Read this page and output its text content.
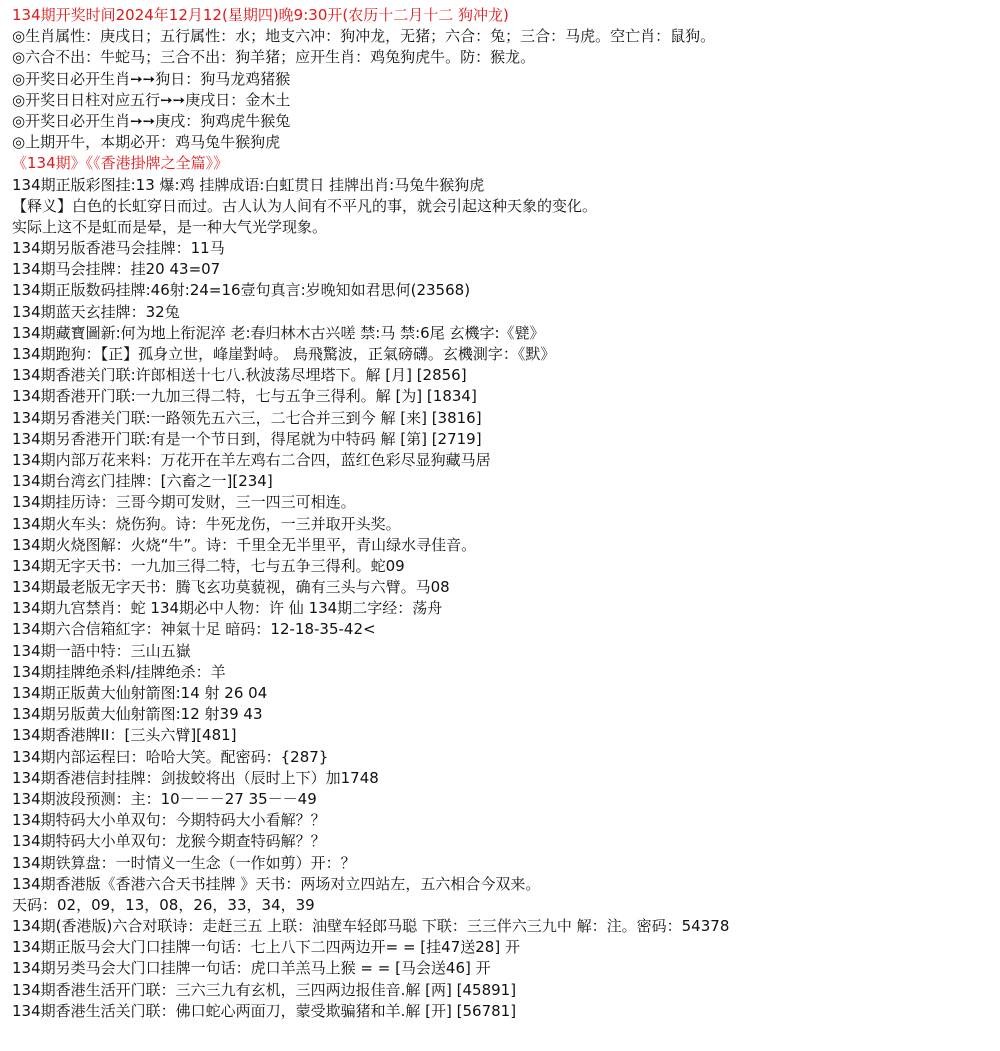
134期开奖时间2024年12月12(星期四)晚9:30开(农历十二月十二 狗冲龙)
◎生肖属性：庚戌日；五行属性：水；地支六冲：狗冲龙，无猪；六合：兔；三合：马虎。空亡肖：鼠狗。
◎六合不出：牛蛇马；三合不出：狗羊猪；应开生肖：鸡兔狗虎牛。防：猴龙。
◎开奖日必开生肖➙➙狗日：狗马龙鸡猪猴
◎开奖日日柱对应五行➙➙庚戌日：金木土
◎开奖日必开生肖➙➙庚戌：狗鸡虎牛猴兔
◎上期开牛，本期必开：鸡马兔牛猴狗虎
《134期》《《香港掛牌之全篇》》
134期正版彩图挂:13 爆:鸡 挂牌成语:白虹贯日 挂牌出肖:马兔牛猴狗虎
【释义】白色的长虹穿日而过。古人认为人间有不平凡的事，就会引起这种天象的变化。
实际上这不是虹而是晕，是一种大气光学现象。
134期另版香港马会挂牌：11马
134期马会挂牌：挂20 43=07
134期正版数码挂牌:46射:24=16壹句真言:岁晚知如君思何(23568)
134期蓝天玄挂牌：32兔
134期藏寶圖新:何为地上衔泥淬 老:春归林木古兴嗟 禁:马 禁:6尾 玄機字:《甓》
134期跑狗：【正】孤身立世，峰崖對峙。 鳥飛驚波，正氣磅礴。玄機測字：《默》
134期香港关门联:许郎相送十七八.秋波荡尽埋塔下。解 [月] [2856]
134期香港开门联:一九加三得二特，七与五争三得利。解 [为] [1834]
134期另香港关门联:一路领先五六三，二七合并三到今 解 [来] [3816]
134期另香港开门联:有是一个节日到，得尾就为中特码 解 [第] [2719]
134期内部万花来料：万花开在羊左鸡右二合四，蓝红色彩尽显狗藏马居
134期台湾玄门挂牌：[六畜之一][234]
134期挂历诗：三哥今期可发财，三一四三可相连。
134期火车头：烧伤狗。诗：牛死龙伤，一三并取开头奖。
134期火烧图解：火烧“牛”。诗：千里全无半里平，青山绿水寻佳音。
134期无字天书：一九加三得二特，七与五争三得利。蛇09
134期最老版无字天书：腾飞玄功莫藐视，确有三头与六臂。马08
134期九宫禁肖：蛇 134期必中人物：许 仙 134期二字经：荡舟
134期六合信箱紅字：神氣十足 暗码：12-18-35-42<
134期一語中特：三山五嶽
134期挂牌绝杀料/挂牌绝杀：羊
134期正版黄大仙射箭图:14 射 26 04
134期另版黄大仙射箭图:12 射39 43
134期香港牌II：[三头六臂][481]
134期内部运程曰：哈哈大笑。配密码：{287}
134期香港信封挂牌：剑拔蛟将出（辰时上下）加1748
134期波段预测：主：10－－－27 35－－49
134期特码大小单双句：今期特码大小看解？？
134期特码大小单双句：龙猴今期查特码解？？
134期铁算盘：一时情义一生念（一作如剪）开：？
134期香港版《香港六合天书挂牌 》天书：两场对立四站左，五六相合今双来。
天码：02，09，13，08，26，33，34，39
134期(香港版)六合对联诗：走赶三五 上联：油壁车轻郎马聪 下联：三三伴六三九中 解：注。密码：54378
134期正版马会大门口挂牌一句话：七上八下二四两边开= = [挂47送28] 开
134期另类马会大门口挂牌一句话：虎口羊羔马上猴 = = [马会送46] 开
134期香港生活开门联：三六三九有玄机，三四两边报佳音.解 [两] [45891]
134期香港生活关门联：佛口蛇心两面刀，蒙受欺骗猪和羊.解 [开] [56781]
